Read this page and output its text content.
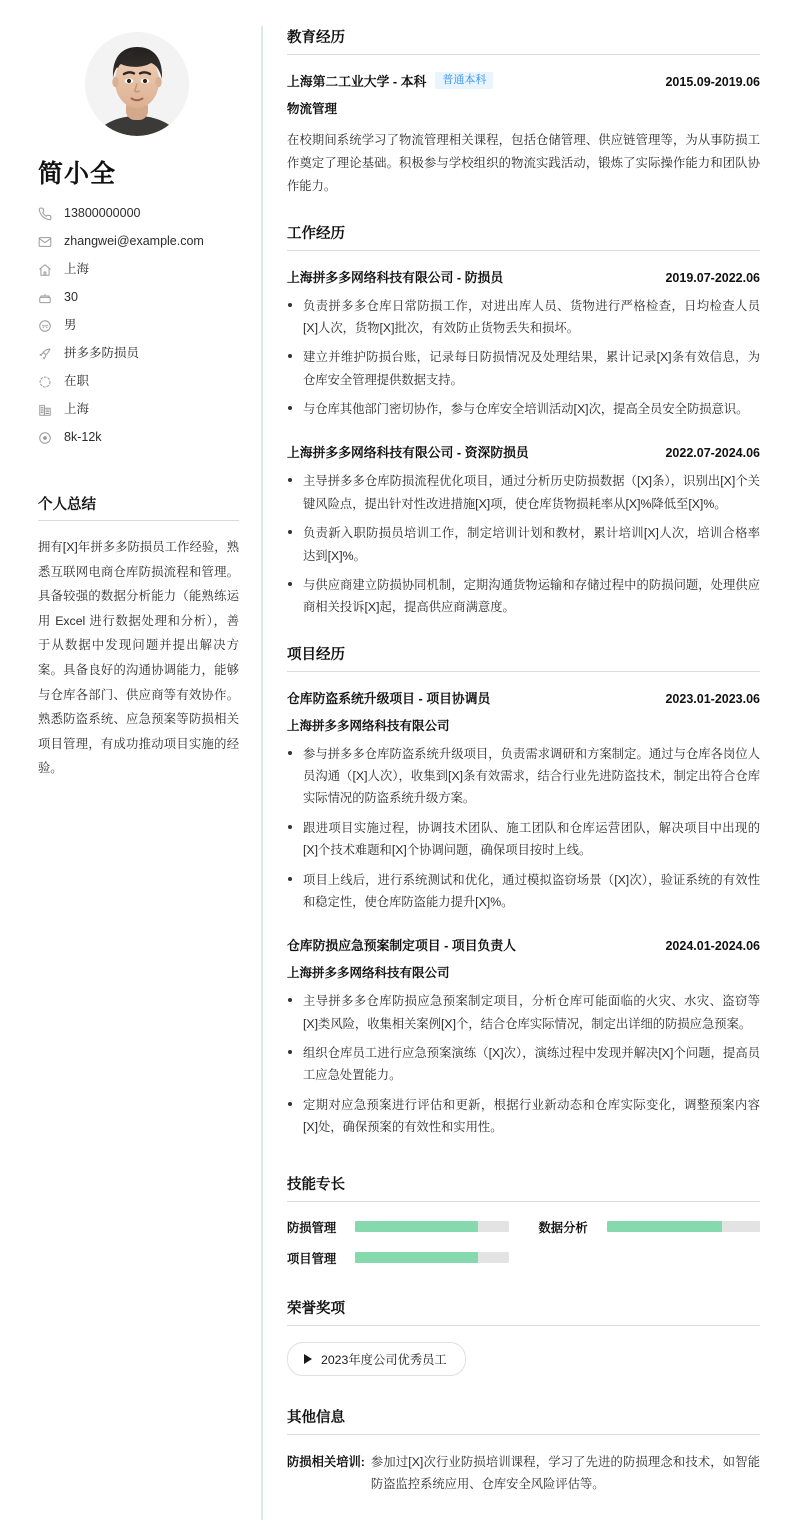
简小全
13800000000
zhangwei@example.com
上海
30
男
拼多多防损员
在职
上海
8k-12k
个人总结

拥有[X]年拼多多防损员工作经验，熟悉互联网电商仓库防损流程和管理。具备较强的数据分析能力（能熟练运用 Excel 进行数据处理和分析），善于从数据中发现问题并提出解决方案。具备良好的沟通协调能力，能够与仓库各部门、供应商等有效协作。熟悉防盗系统、应急预案等防损相关项目管理，有成功推动项目实施的经验。

教育经历
上海第二工业大学 - 本科	普通本科	2015.09-2019.06
物流管理

在校期间系统学习了物流管理相关课程，包括仓储管理、供应链管理等，为从事防损工作奠定了理论基础。积极参与学校组织的物流实践活动，锻炼了实际操作能力和团队协作能力。

工作经历
上海拼多多网络科技有限公司 - 防损员	2019.07-2022.06
负责拼多多仓库日常防损工作，对进出库人员、货物进行严格检查，日均检查人员[X]人次，货物[X]批次，有效防止货物丢失和损坏。
建立并维护防损台账，记录每日防损情况及处理结果，累计记录[X]条有效信息，为仓库安全管理提供数据支持。
与仓库其他部门密切协作，参与仓库安全培训活动[X]次，提高全员安全防损意识。
上海拼多多网络科技有限公司 - 资深防损员	2022.07-2024.06
主导拼多多仓库防损流程优化项目，通过分析历史防损数据（[X]条），识别出[X]个关键风险点，提出针对性改进措施[X]项，使仓库货物损耗率从[X]%降低至[X]%。
负责新入职防损员培训工作，制定培训计划和教材，累计培训[X]人次，培训合格率达到[X]%。
与供应商建立防损协同机制，定期沟通货物运输和存储过程中的防损问题，处理供应商相关投诉[X]起，提高供应商满意度。
项目经历
仓库防盗系统升级项目 - 项目协调员	2023.01-2023.06
上海拼多多网络科技有限公司
参与拼多多仓库防盗系统升级项目，负责需求调研和方案制定。通过与仓库各岗位人员沟通（[X]人次），收集到[X]条有效需求，结合行业先进防盗技术，制定出符合仓库实际情况的防盗系统升级方案。
跟进项目实施过程，协调技术团队、施工团队和仓库运营团队，解决项目中出现的[X]个技术难题和[X]个协调问题，确保项目按时上线。
项目上线后，进行系统测试和优化，通过模拟盗窃场景（[X]次），验证系统的有效性和稳定性，使仓库防盗能力提升[X]%。
仓库防损应急预案制定项目 - 项目负责人	2024.01-2024.06
上海拼多多网络科技有限公司
主导拼多多仓库防损应急预案制定项目，分析仓库可能面临的火灾、水灾、盗窃等[X]类风险，收集相关案例[X]个，结合仓库实际情况，制定出详细的防损应急预案。
组织仓库员工进行应急预案演练（[X]次），演练过程中发现并解决[X]个问题，提高员工应急处置能力。
定期对应急预案进行评估和更新，根据行业新动态和仓库实际变化，调整预案内容[X]处，确保预案的有效性和实用性。
技能专长
防损管理	数据分析
项目管理
荣誉奖项
2023年度公司优秀员工
其他信息
防损相关培训: 参加过[X]次行业防损培训课程，学习了先进的防损理念和技术，如智能防盗监控系统应用、仓库安全风险评估等。
